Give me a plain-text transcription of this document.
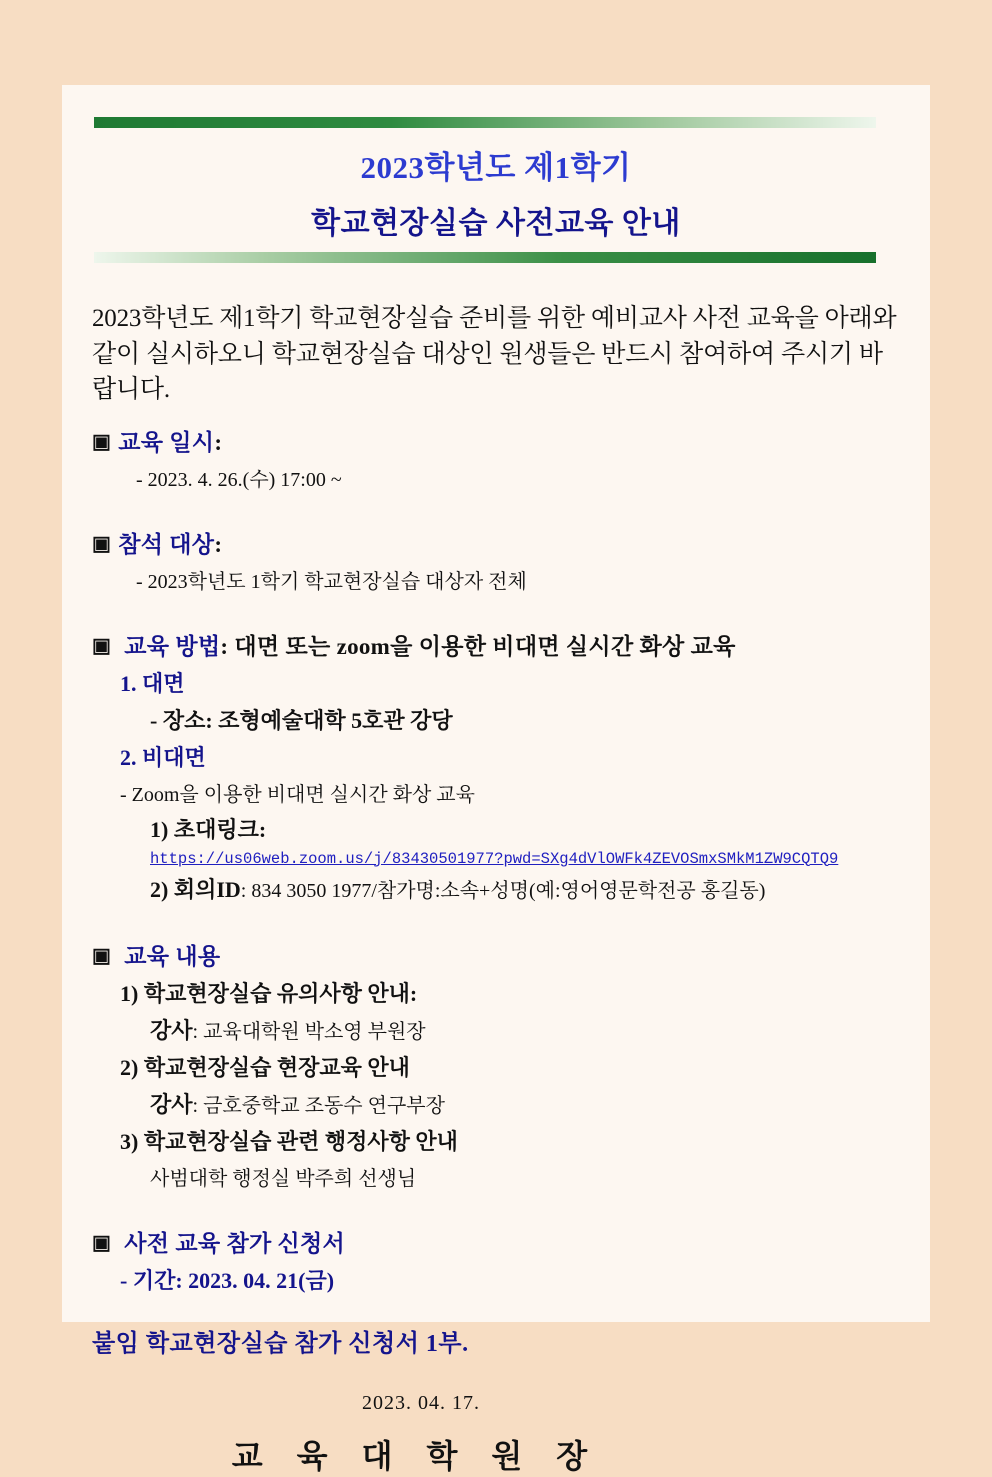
2023학년도 제1학기
학교현장실습 사전교육 안내
2023학년도 제1학기 학교현장실습 준비를 위한 예비교사 사전 교육을 아래와 같이 실시하오니 학교현장실습 대상인 원생들은 반드시 참여하여 주시기 바랍니다.
▣ 교육 일시:
- 2023. 4. 26.(수) 17:00 ~
▣ 참석 대상:
- 2023학년도 1학기 학교현장실습 대상자 전체
▣ 교육 방법: 대면 또는 zoom을 이용한 비대면 실시간 화상 교육
1. 대면
- 장소: 조형예술대학 5호관 강당
2. 비대면
- Zoom을 이용한 비대면 실시간 화상 교육
1) 초대링크:
https://us06web.zoom.us/j/83430501977?pwd=SXg4dVlOWFk4ZEVOSmxSMkM1ZW9CQTQ9
2) 회의ID: 834 3050 1977/참가명:소속+성명(예:영어영문학전공 홍길동)
▣ 교육 내용
1) 학교현장실습 유의사항 안내:
강사: 교육대학원 박소영 부원장
2) 학교현장실습 현장교육 안내
강사: 금호중학교 조동수 연구부장
3) 학교현장실습 관련 행정사항 안내
사범대학 행정실 박주희 선생님
▣ 사전 교육 참가 신청서
- 기간: 2023. 04. 21(금)
붙임 학교현장실습 참가 신청서 1부.
2023. 04. 17.
교 육 대 학 원 장
